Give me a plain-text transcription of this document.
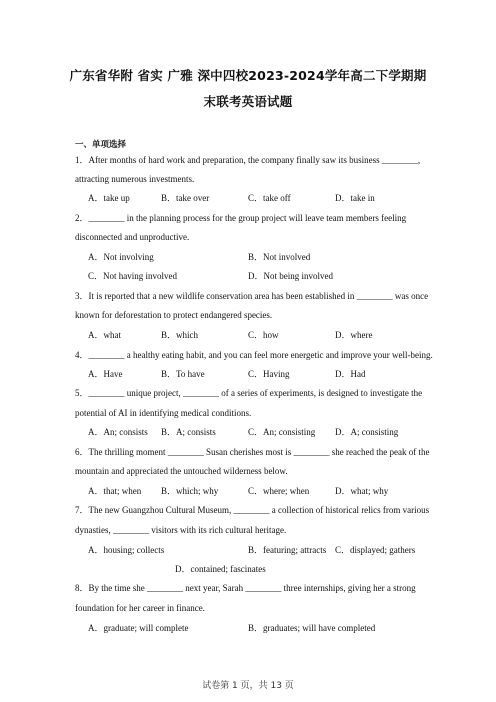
广东省华附 省实 广雅 深中四校2023-2024学年高二下学期期
末联考英语试题
一、单项选择
1．After months of hard work and preparation, the company finally saw its business ________,
attracting numerous investments.
A．take up	B．take over	C．take off	D．take in
2．________ in the planning process for the group project will leave team members feeling
disconnected and unproductive.
A．Not involving	B．Not involved
C．Not having involved	D．Not being involved
3．It is reported that a new wildlife conservation area has been established in ________ was once
known for deforestation to protect endangered species.
A．what	B．which	C．how	D．where
4．________ a healthy eating habit, and you can feel more energetic and improve your well-being.
A．Have	B．To have	C．Having	D．Had
5．________ unique project, ________ of a series of experiments, is designed to investigate the
potential of AI in identifying medical conditions.
A．An; consists B．A; consists	C．An; consisting D．A; consisting
6．The thrilling moment ________ Susan cherishes most is ________ she reached the peak of the
mountain and appreciated the untouched wilderness below.
A．that; when B．which; why	C．where; when	D．what; why
7．The new Guangzhou Cultural Museum, ________ a collection of historical relics from various
dynasties, ________ visitors with its rich cultural heritage.
A．housing; collects	B．featuring; attracts C．displayed; gathers
D．contained; fascinates
8．By the time she ________ next year, Sarah ________ three internships, giving her a strong
foundation for her career in finance.
A．graduate; will complete	B．graduates; will have completed
试卷第 1 页，共 13 页
